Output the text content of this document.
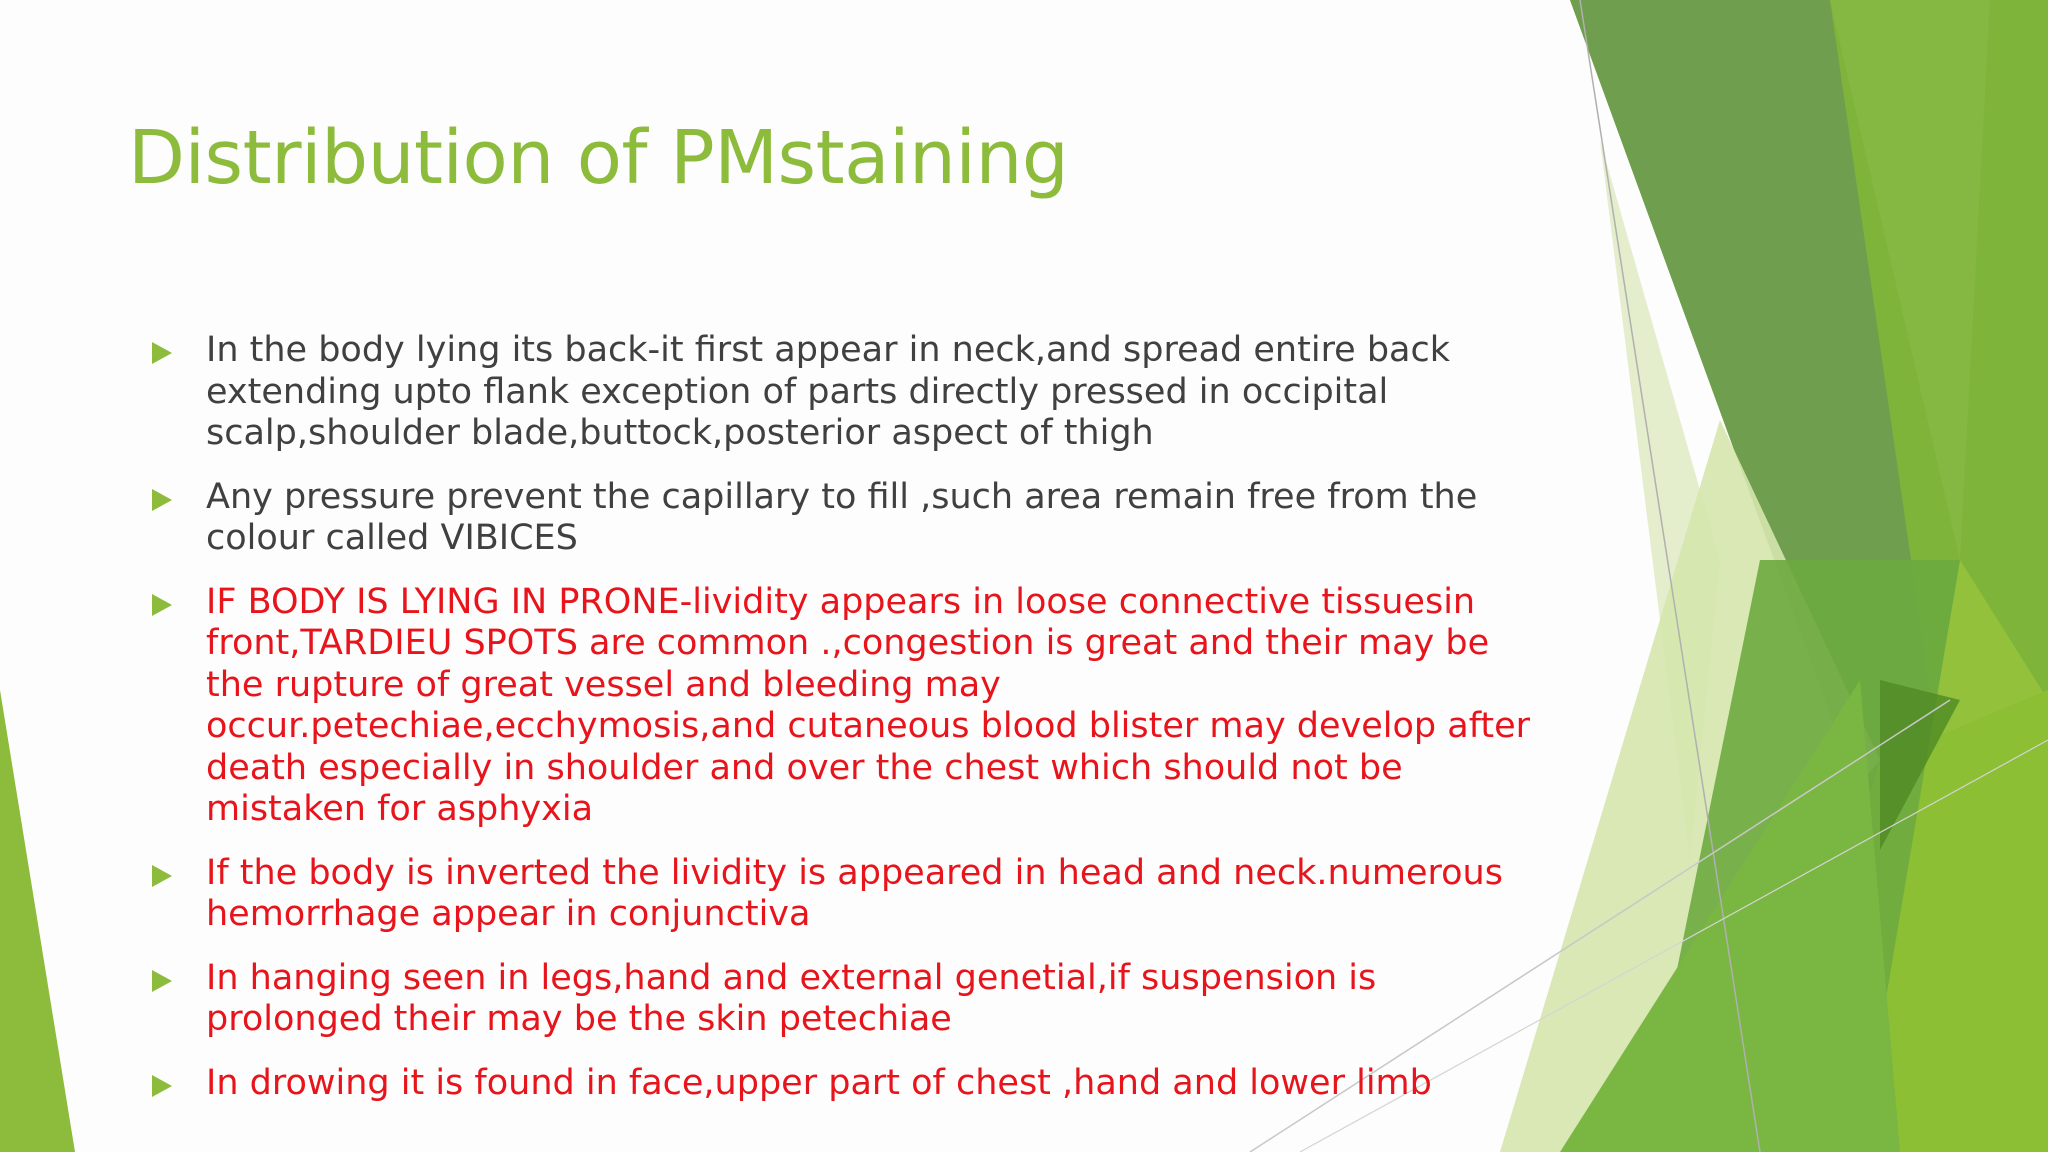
Distribution of PMstaining
In the body lying its back-it first appear in neck,and spread entire back extending upto flank exception of parts directly pressed in occipital scalp,shoulder blade,buttock,posterior aspect of thigh
Any pressure prevent the capillary to fill ,such area remain free from the colour called VIBICES
IF BODY IS LYING IN PRONE-lividity appears in loose connective tissuesin front,TARDIEU SPOTS are common .,congestion is great and their may be the rupture of great vessel and bleeding may occur.petechiae,ecchymosis,and cutaneous blood blister may develop after death especially in shoulder and over the chest which should not be mistaken for asphyxia
If the body is inverted the lividity is appeared in head and neck.numerous hemorrhage appear in conjunctiva
In hanging seen in legs,hand and external genetial,if suspension is prolonged their may be the skin petechiae
In drowing it is found in face,upper part of chest ,hand and lower limb
